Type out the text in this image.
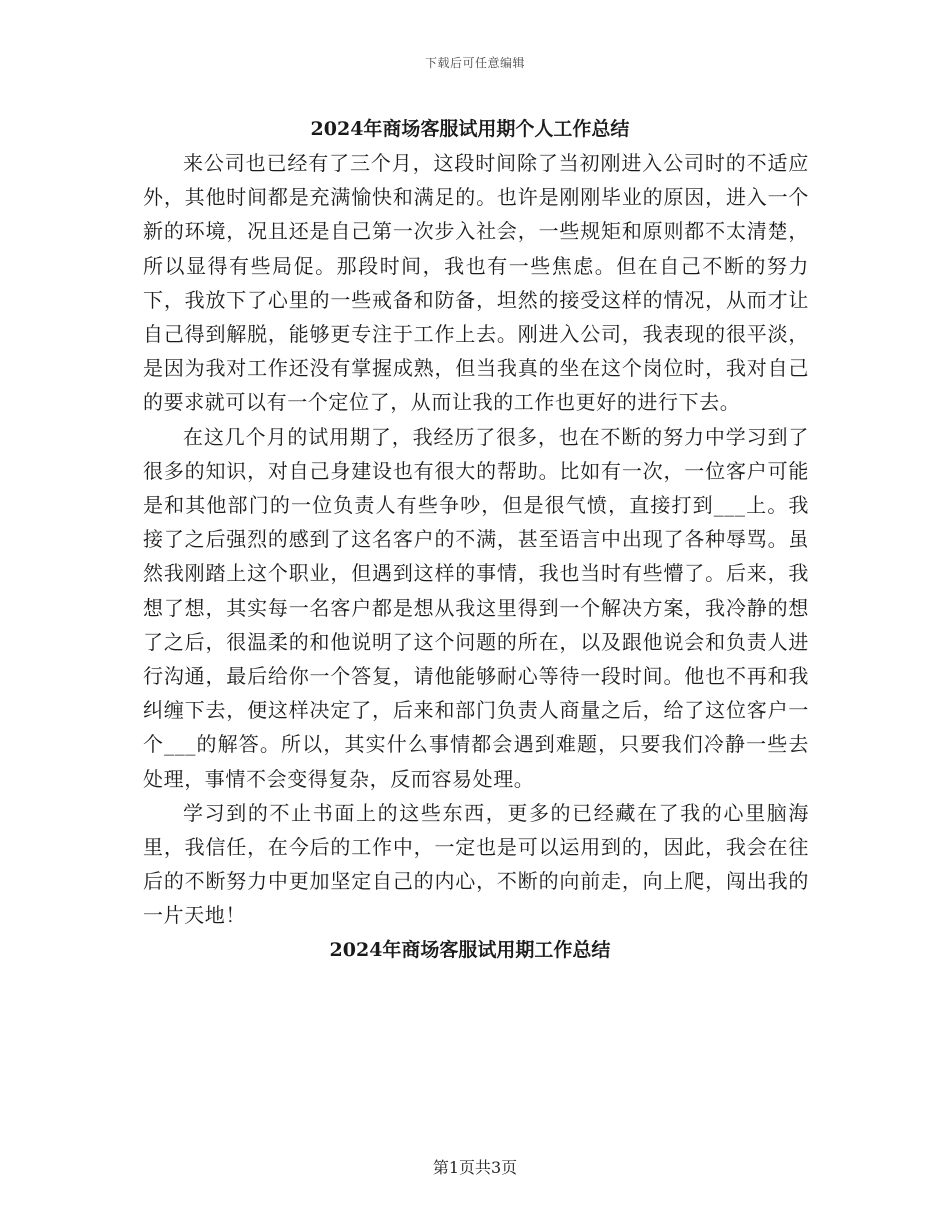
下载后可任意编辑
2024年商场客服试用期个人工作总结

来公司也已经有了三个月，这段时间除了当初刚进入公司时的不适应外，其他时间都是充满愉快和满足的。也许是刚刚毕业的原因，进入一个新的环境，况且还是自己第一次步入社会，一些规矩和原则都不太清楚，所以显得有些局促。那段时间，我也有一些焦虑。但在自己不断的努力下，我放下了心里的一些戒备和防备，坦然的接受这样的情况，从而才让自己得到解脱，能够更专注于工作上去。刚进入公司，我表现的很平淡，是因为我对工作还没有掌握成熟，但当我真的坐在这个岗位时，我对自己的要求就可以有一个定位了，从而让我的工作也更好的进行下去。

在这几个月的试用期了，我经历了很多，也在不断的努力中学习到了很多的知识，对自己身建设也有很大的帮助。比如有一次，一位客户可能是和其他部门的一位负责人有些争吵，但是很气愤，直接打到___上。我接了之后强烈的感到了这名客户的不满，甚至语言中出现了各种辱骂。虽然我刚踏上这个职业，但遇到这样的事情，我也当时有些懵了。后来，我想了想，其实每一名客户都是想从我这里得到一个解决方案，我冷静的想了之后，很温柔的和他说明了这个问题的所在，以及跟他说会和负责人进行沟通，最后给你一个答复，请他能够耐心等待一段时间。他也不再和我纠缠下去，便这样决定了，后来和部门负责人商量之后，给了这位客户一个___的解答。所以，其实什么事情都会遇到难题，只要我们冷静一些去处理，事情不会变得复杂，反而容易处理。

学习到的不止书面上的这些东西，更多的已经藏在了我的心里脑海里，我信任，在今后的工作中，一定也是可以运用到的，因此，我会在往后的不断努力中更加坚定自己的内心，不断的向前走，向上爬，闯出我的一片天地！

2024年商场客服试用期工作总结
第1页共3页
